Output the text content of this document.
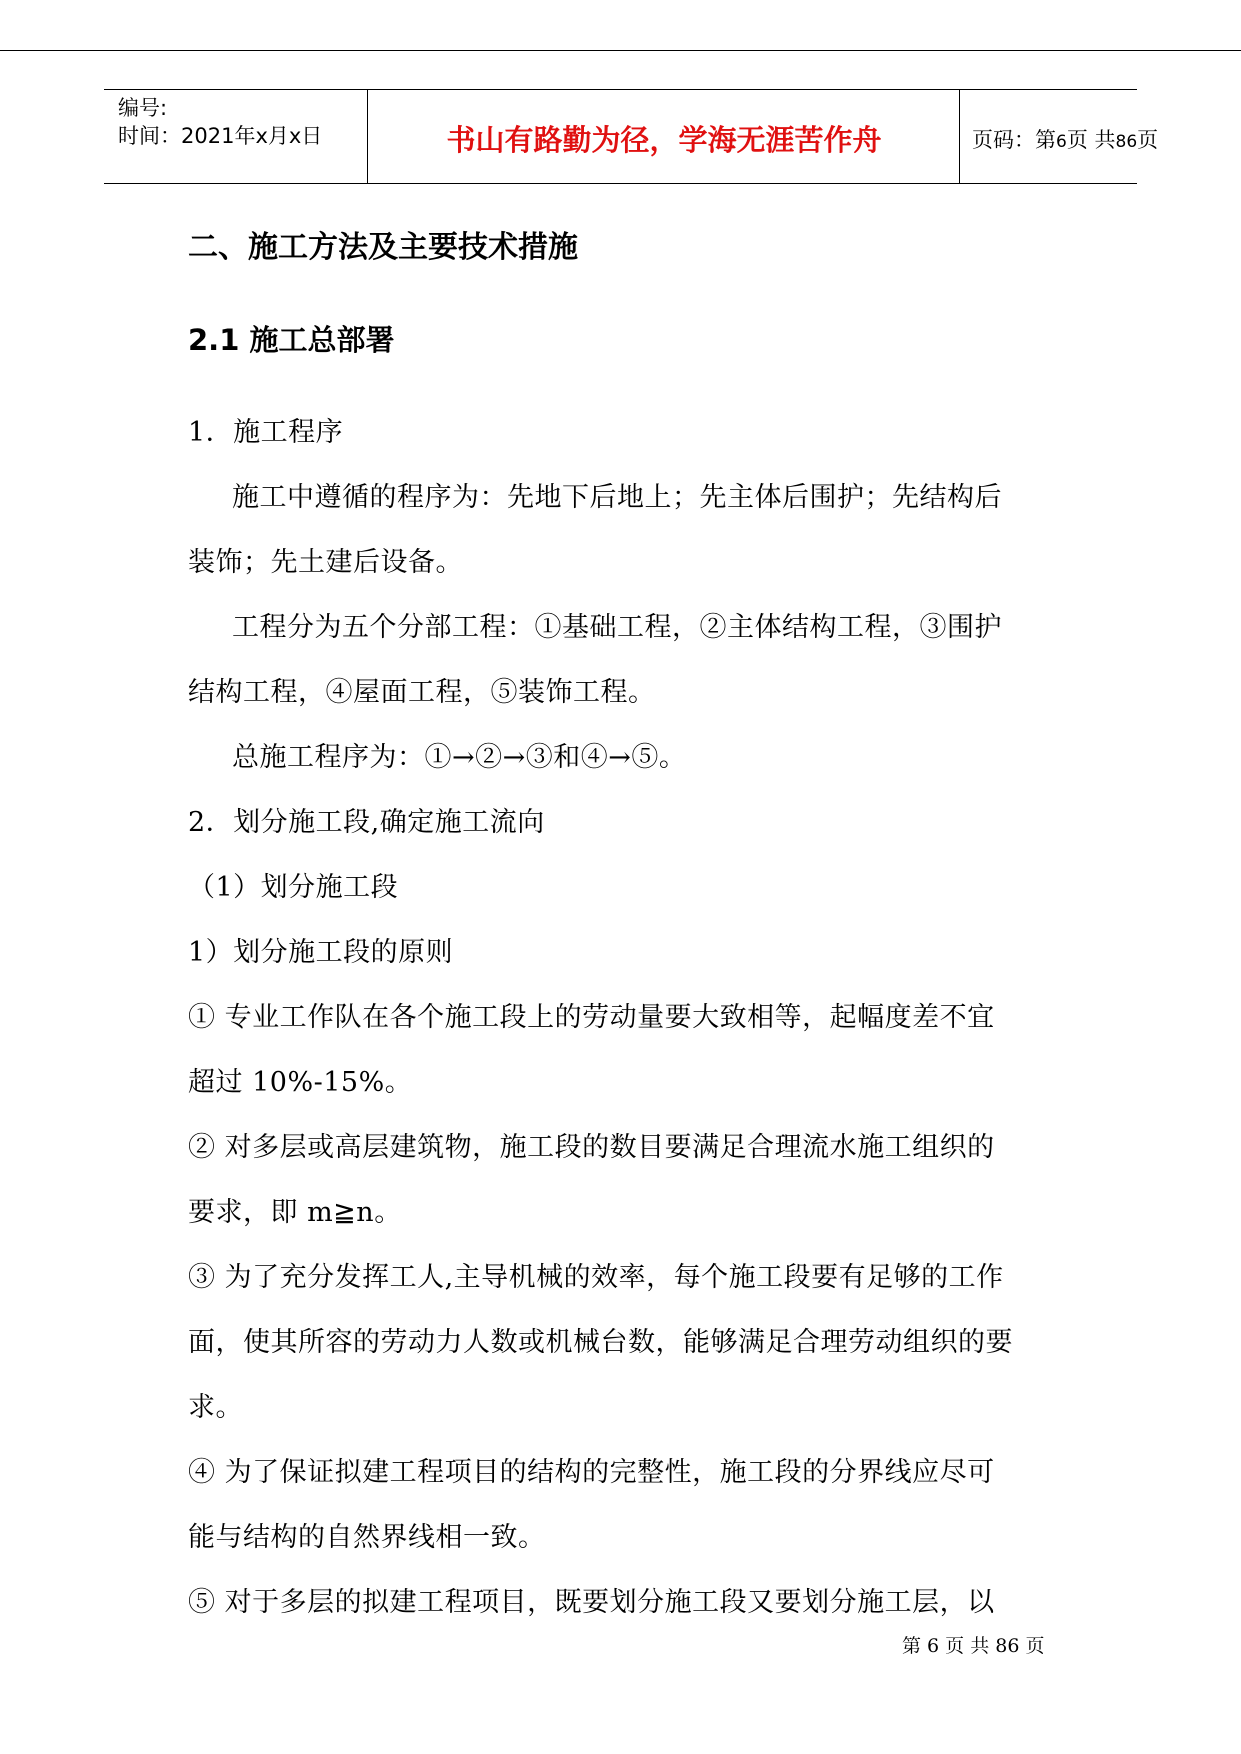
编号:
时间：2021年x月x日	书山有路勤为径，学海无涯苦作舟	页码：第6页 共86页
二、施工方法及主要技术措施
2.1 施工总部署
1．施工程序
施工中遵循的程序为：先地下后地上；先主体后围护；先结构后
装饰；先土建后设备。
工程分为五个分部工程：①基础工程，②主体结构工程，③围护
结构工程，④屋面工程，⑤装饰工程。
总施工程序为：①→②→③和④→⑤。
2．划分施工段,确定施工流向
（1）划分施工段
1）划分施工段的原则
① 专业工作队在各个施工段上的劳动量要大致相等，起幅度差不宜
超过 10%-15%。
② 对多层或高层建筑物，施工段的数目要满足合理流水施工组织的
要求，即 m≧n。
③ 为了充分发挥工人,主导机械的效率，每个施工段要有足够的工作
面，使其所容的劳动力人数或机械台数，能够满足合理劳动组织的要
求。
④ 为了保证拟建工程项目的结构的完整性，施工段的分界线应尽可
能与结构的自然界线相一致。
⑤ 对于多层的拟建工程项目，既要划分施工段又要划分施工层，以
第 6 页 共 86 页
